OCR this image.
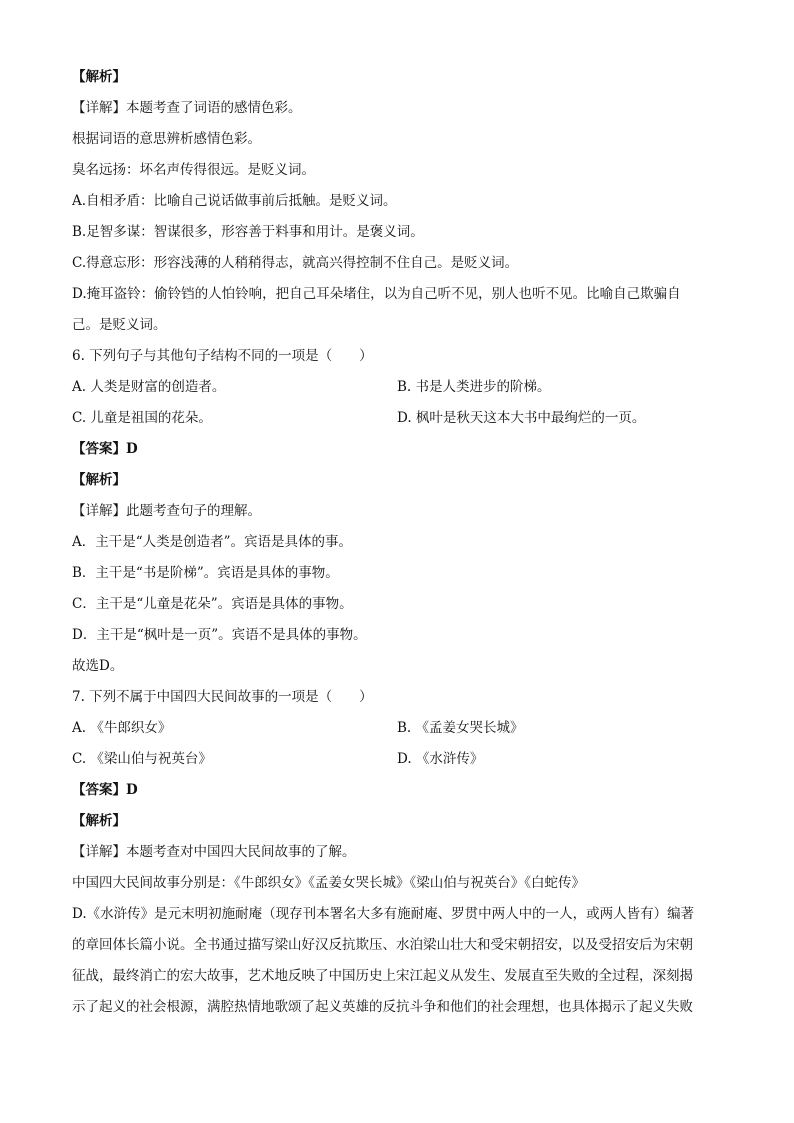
【解析】
【详解】本题考查了词语的感情色彩。
根据词语的意思辨析感情色彩。
臭名远扬：坏名声传得很远。是贬义词。
A.自相矛盾：比喻自己说话做事前后抵触。是贬义词。
B.足智多谋：智谋很多，形容善于料事和用计。是褒义词。
C.得意忘形：形容浅薄的人稍稍得志，就高兴得控制不住自己。是贬义词。
D.掩耳盗铃：偷铃铛的人怕铃响，把自己耳朵堵住，以为自己听不见，别人也听不见。比喻自己欺骗自
己。是贬义词。
6. 下列句子与其他句子结构不同的一项是（　　）
A. 人类是财富的创造者。	B. 书是人类进步的阶梯。
C. 儿童是祖国的花朵。	D. 枫叶是秋天这本大书中最绚烂的一页。
【答案】D
【解析】
【详解】此题考查句子的理解。
A．主干是“人类是创造者”。宾语是具体的事。
B．主干是“书是阶梯”。宾语是具体的事物。
C．主干是“儿童是花朵”。宾语是具体的事物。
D．主干是“枫叶是一页”。宾语不是具体的事物。
故选D。
7. 下列不属于中国四大民间故事的一项是（　　）
A. 《牛郎织女》	B. 《孟姜女哭长城》
C. 《梁山伯与祝英台》	D. 《水浒传》
【答案】D
【解析】
【详解】本题考查对中国四大民间故事的了解。
中国四大民间故事分别是：《牛郎织女》《孟姜女哭长城》《梁山伯与祝英台》《白蛇传》
D.《水浒传》是元末明初施耐庵（现存刊本署名大多有施耐庵、罗贯中两人中的一人，或两人皆有）编著
的章回体长篇小说。全书通过描写梁山好汉反抗欺压、水泊梁山壮大和受宋朝招安，以及受招安后为宋朝
征战，最终消亡的宏大故事，艺术地反映了中国历史上宋江起义从发生、发展直至失败的全过程，深刻揭
示了起义的社会根源，满腔热情地歌颂了起义英雄的反抗斗争和他们的社会理想，也具体揭示了起义失败
